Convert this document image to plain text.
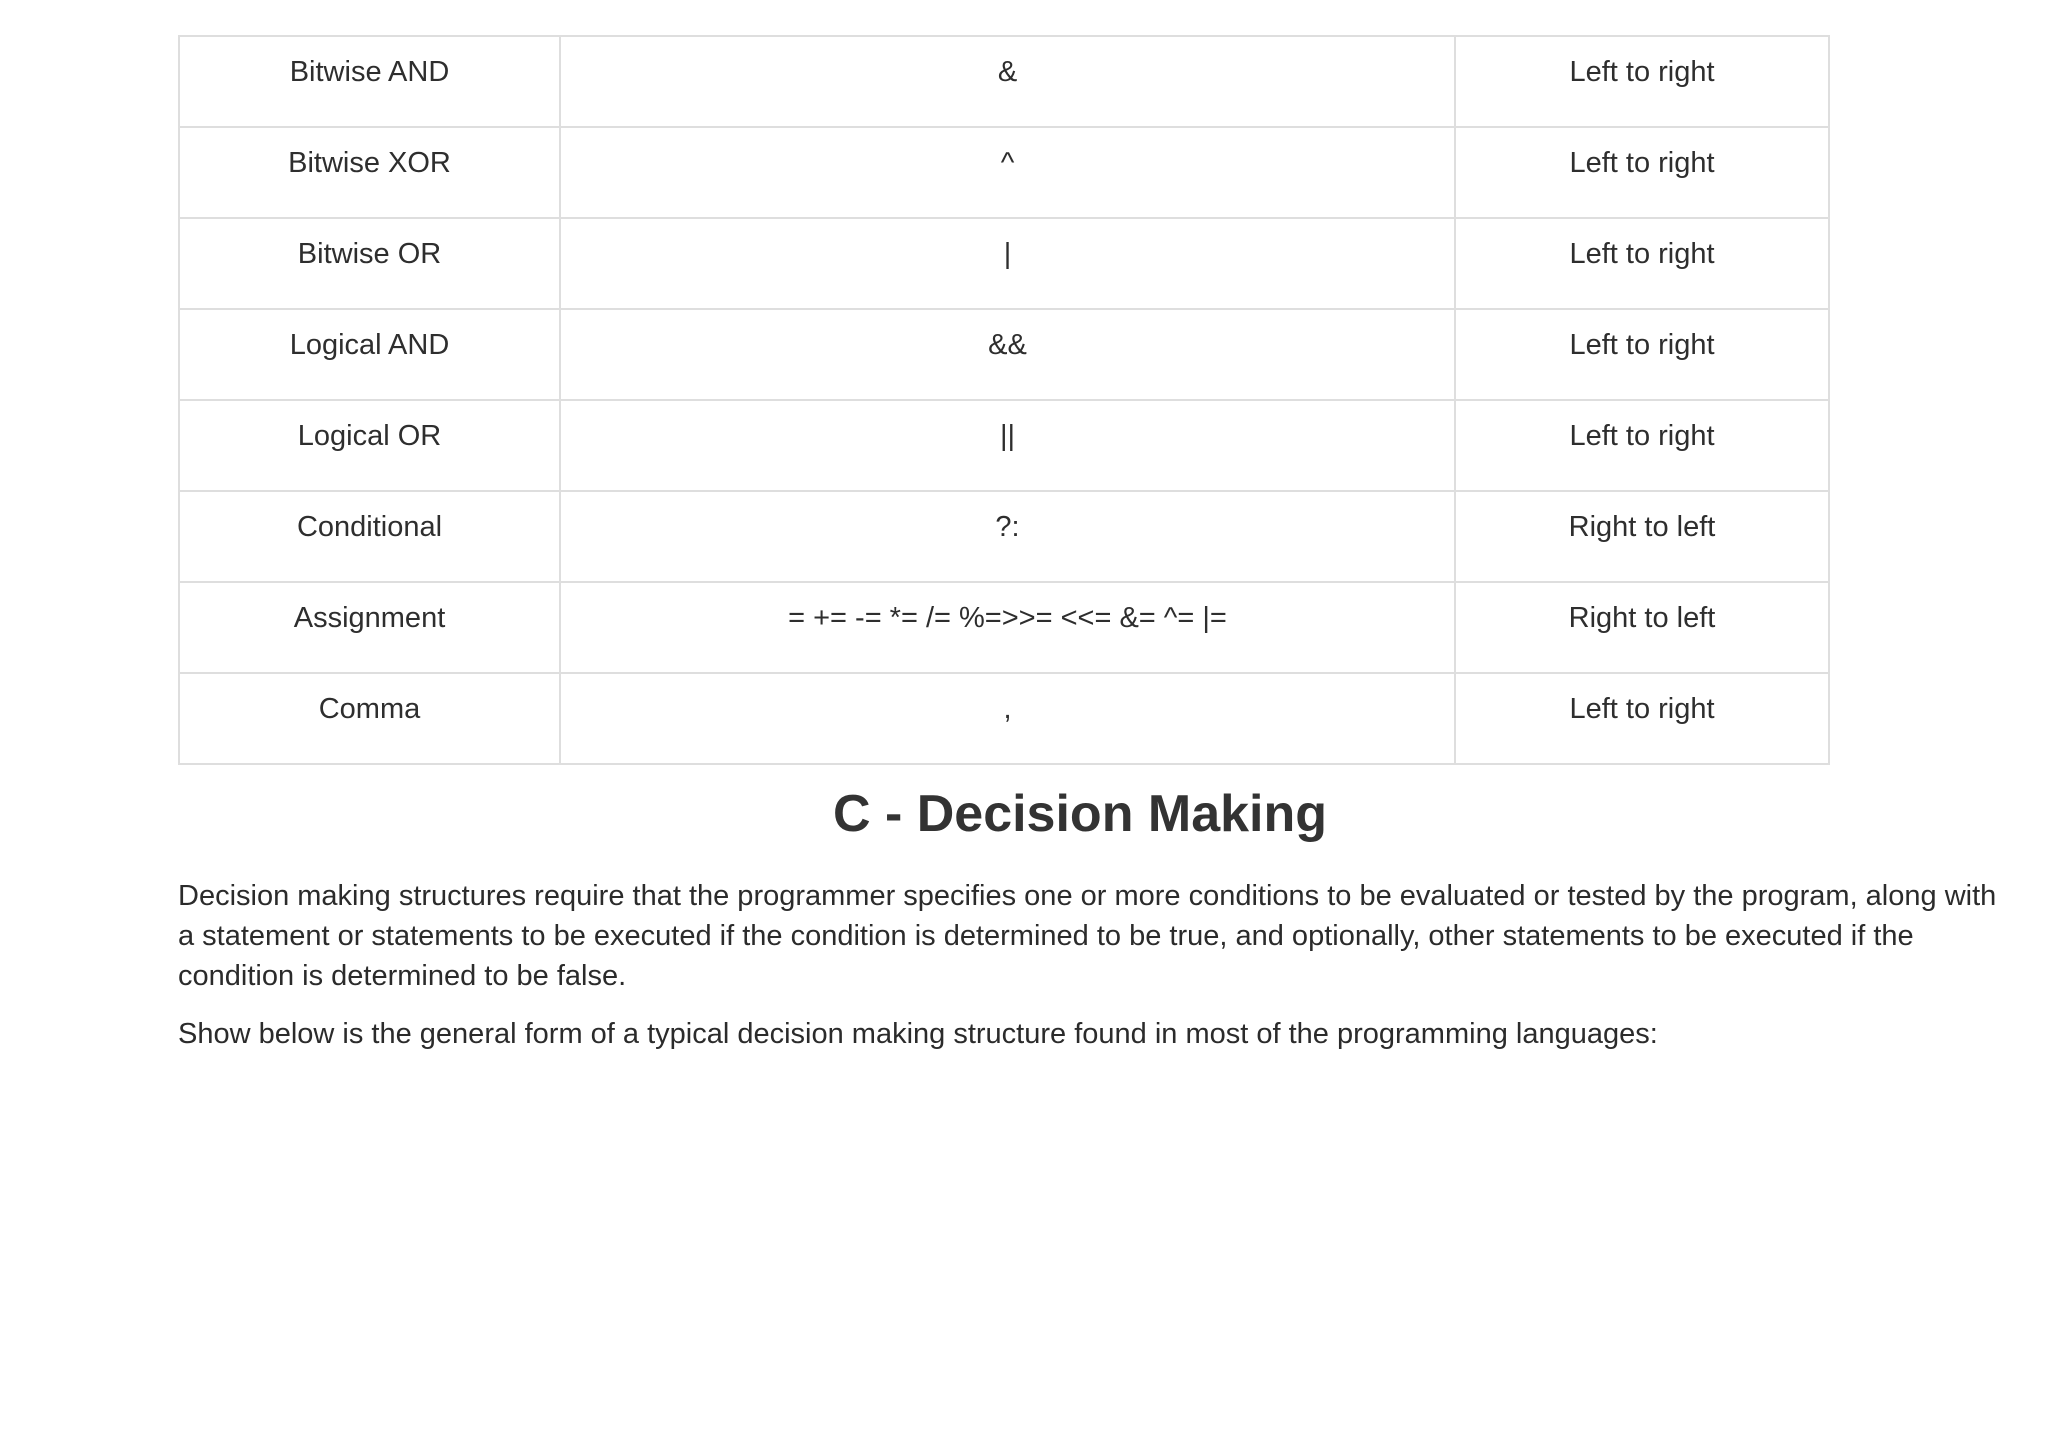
Bitwise AND	&	Left to right
Bitwise XOR	^	Left to right
Bitwise OR	|	Left to right
Logical AND	&&	Left to right
Logical OR	||	Left to right
Conditional	?:	Right to left
Assignment	= += -= *= /= %=>>= <<= &= ^= |=	Right to left
Comma	,	Left to right
C - Decision Making

Decision making structures require that the programmer specifies one or more conditions to be evaluated or tested by the program, along with a statement or statements to be executed if the condition is determined to be true, and optionally, other statements to be executed if the condition is determined to be false.

Show below is the general form of a typical decision making structure found in most of the programming languages:
